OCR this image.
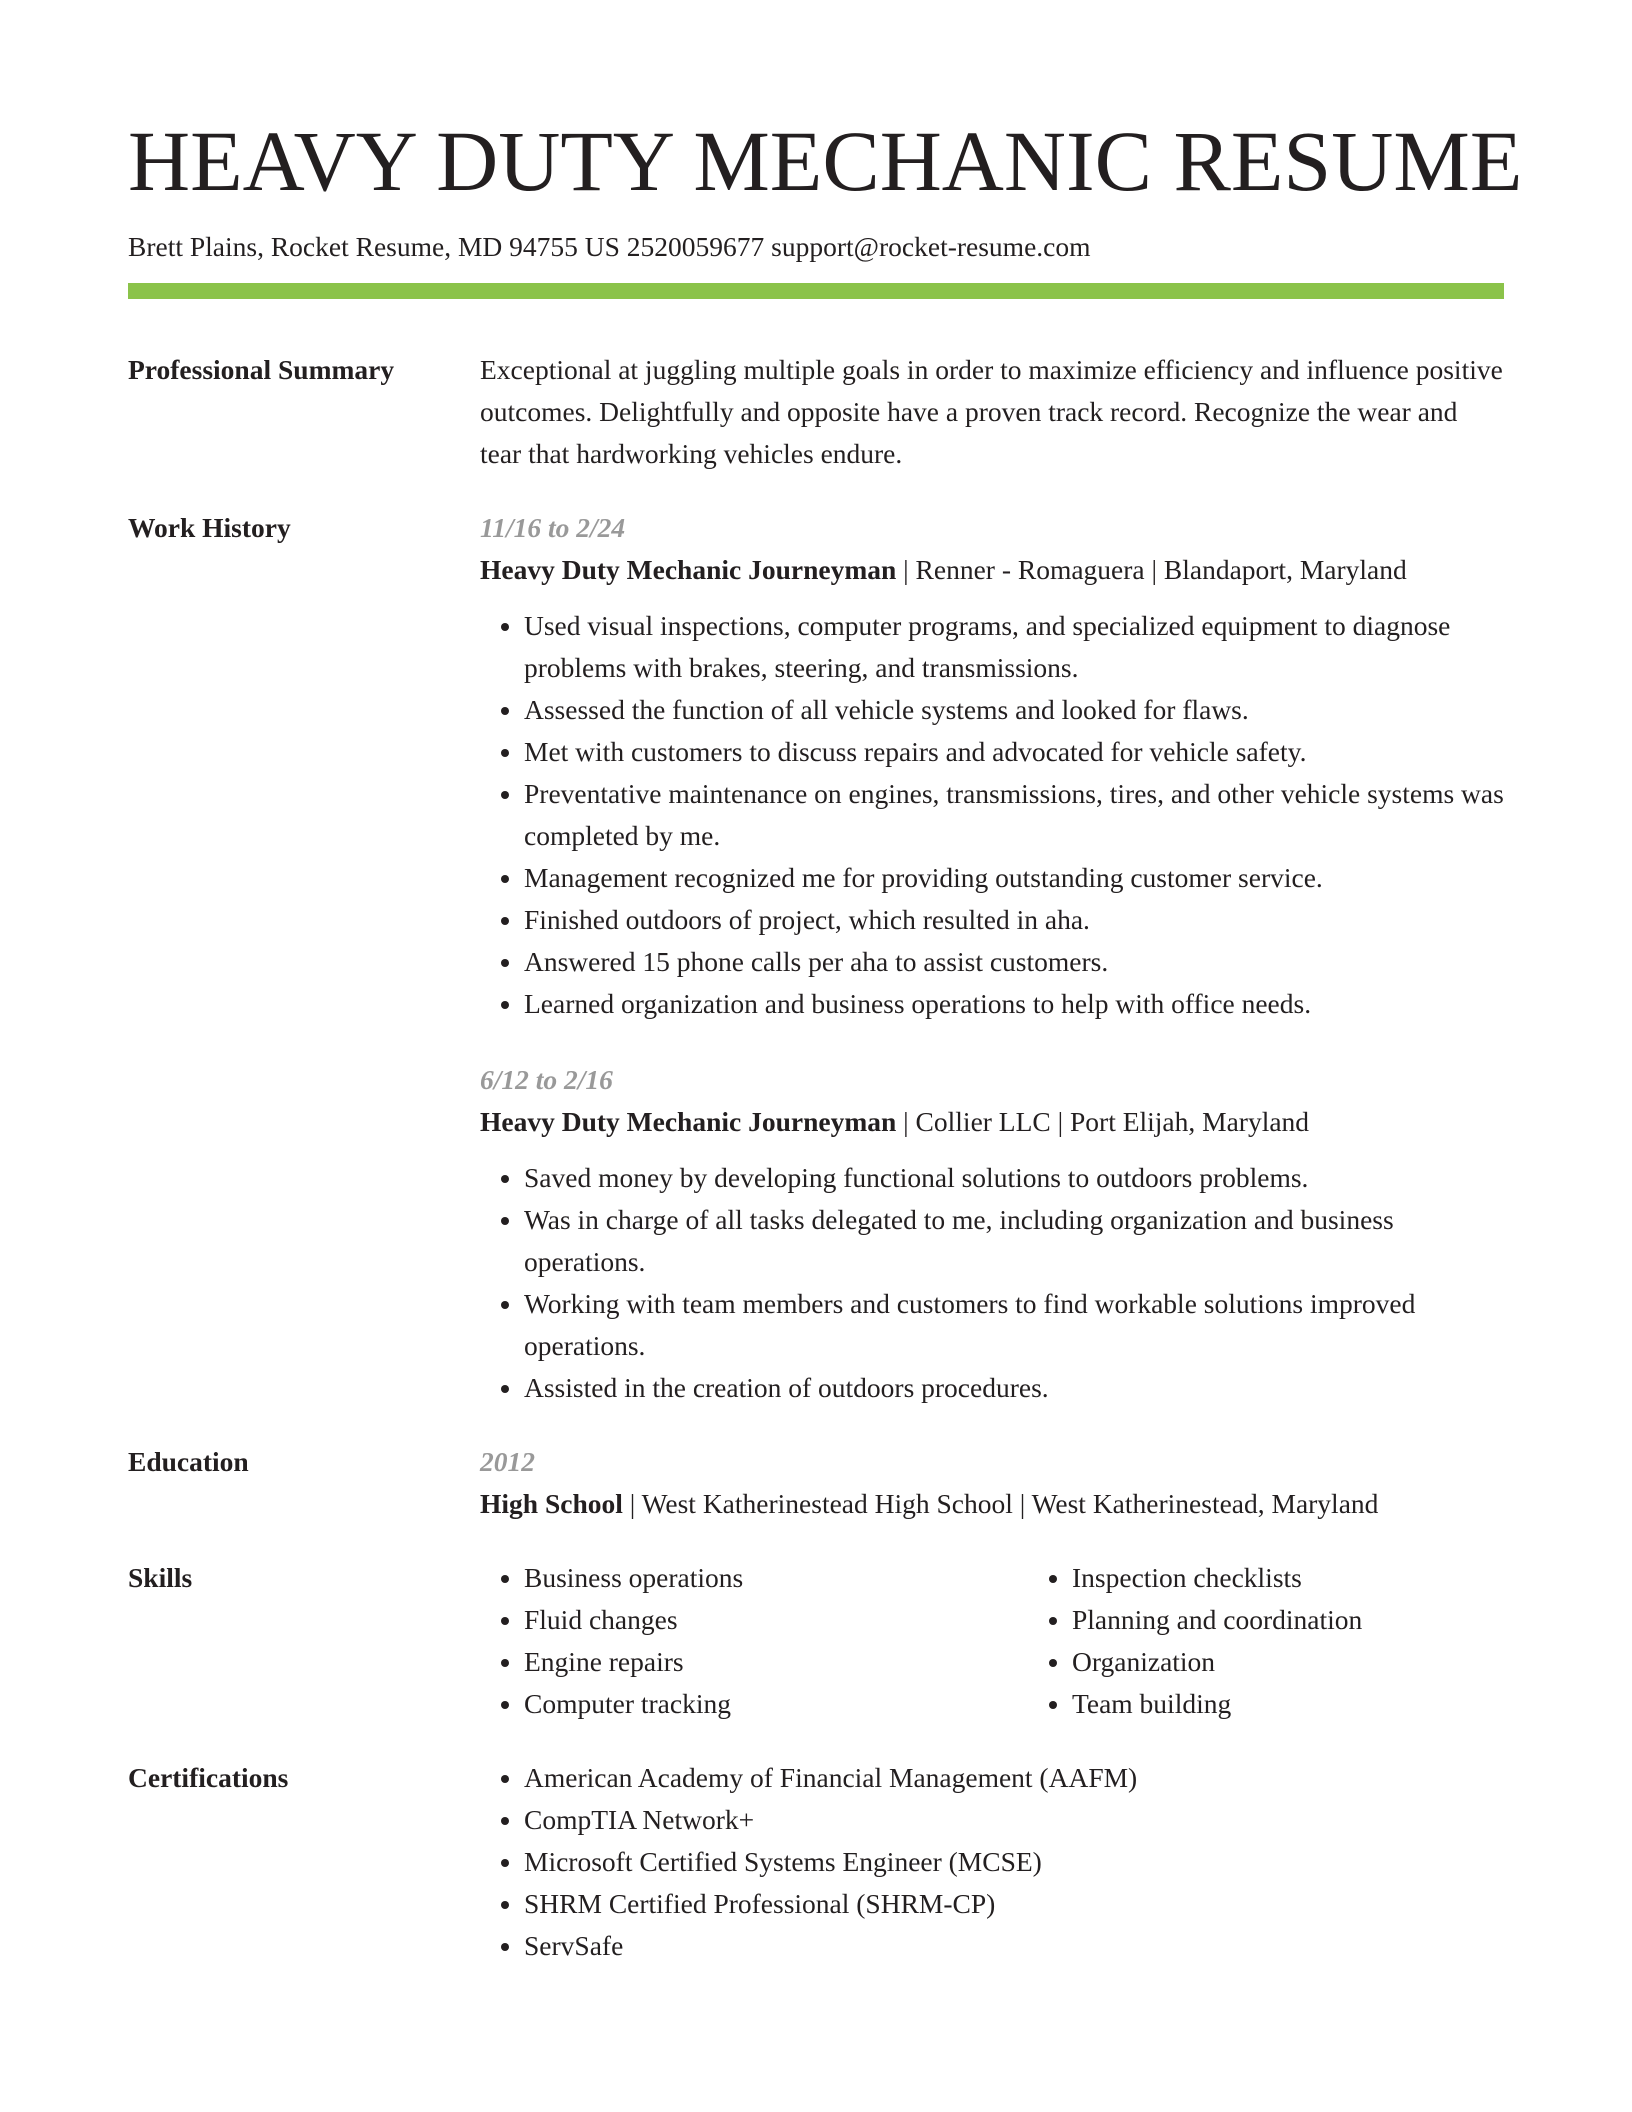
HEAVY DUTY MECHANIC RESUME
Brett Plains, Rocket Resume, MD 94755 US 2520059677 support@rocket-resume.com
Professional Summary	Exceptional at juggling multiple goals in order to maximize efficiency and influence positive outcomes. Delightfully and opposite have a proven track record. Recognize the wear and tear that hardworking vehicles endure.
Work History	11/16 to 2/24
Heavy Duty Mechanic Journeyman | Renner - Romaguera | Blandaport, Maryland
• Used visual inspections, computer programs, and specialized equipment to diagnose problems with brakes, steering, and transmissions.
• Assessed the function of all vehicle systems and looked for flaws.
• Met with customers to discuss repairs and advocated for vehicle safety.
• Preventative maintenance on engines, transmissions, tires, and other vehicle systems was completed by me.
• Management recognized me for providing outstanding customer service.
• Finished outdoors of project, which resulted in aha.
• Answered 15 phone calls per aha to assist customers.
• Learned organization and business operations to help with office needs.
6/12 to 2/16
Heavy Duty Mechanic Journeyman | Collier LLC | Port Elijah, Maryland
• Saved money by developing functional solutions to outdoors problems.
• Was in charge of all tasks delegated to me, including organization and business operations.
• Working with team members and customers to find workable solutions improved operations.
• Assisted in the creation of outdoors procedures.
Education	2012
High School | West Katherinestead High School | West Katherinestead, Maryland
Skills	• Business operations
• Fluid changes
• Engine repairs
• Computer tracking
• Inspection checklists
• Planning and coordination
• Organization
• Team building
Certifications	• American Academy of Financial Management (AAFM)
• CompTIA Network+
• Microsoft Certified Systems Engineer (MCSE)
• SHRM Certified Professional (SHRM-CP)
• ServSafe
